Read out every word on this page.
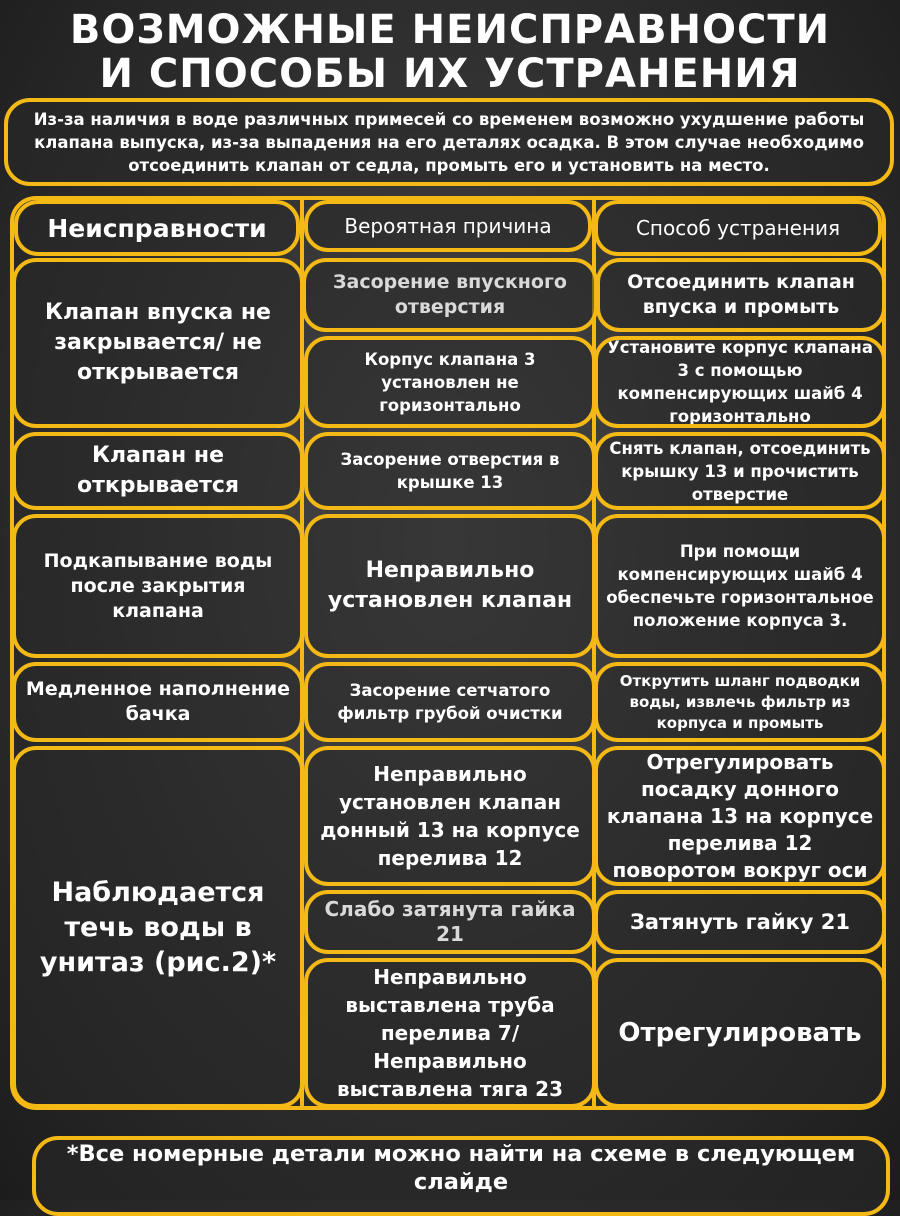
ВОЗМОЖНЫЕ НЕИСПРАВНОСТИ
И СПОСОБЫ ИХ УСТРАНЕНИЯ
Из-за наличия в воде различных примесей со временем возможно ухудшение работы клапана выпуска, из-за выпадения на его деталях осадка. В этом случае необходимо отсоединить клапан от седла, промыть его и установить на место.
Неисправности	Вероятная причина	Способ устранения
Клапан впуска не закрывается/ не открывается
Засорение впускного отверстия
Отсоединить клапан впуска и промыть
Корпус клапана 3 установлен не горизонтально
Установите корпус клапана 3 с помощью компенсирующих шайб 4 горизонтально
Клапан не открывается
Засорение отверстия в крышке 13
Снять клапан, отсоединить крышку 13 и прочистить отверстие
Подкапывание воды после закрытия клапана
Неправильно установлен клапан
При помощи компенсирующих шайб 4 обеспечьте горизонтальное положение корпуса 3.
Медленное наполнение бачка
Засорение сетчатого фильтр грубой очистки
Открутить шланг подводки воды, извлечь фильтр из корпуса и промыть
Наблюдается течь воды в унитаз (рис.2)*
Неправильно установлен клапан донный 13 на корпусе перелива 12
Отрегулировать посадку донного клапана 13 на корпусе перелива 12 поворотом вокруг оси
Слабо затянута гайка 21
Затянуть гайку 21
Неправильно выставлена труба перелива 7/ Неправильно выставлена тяга 23
Отрегулировать
*Все номерные детали можно найти на схеме в следующем слайде
